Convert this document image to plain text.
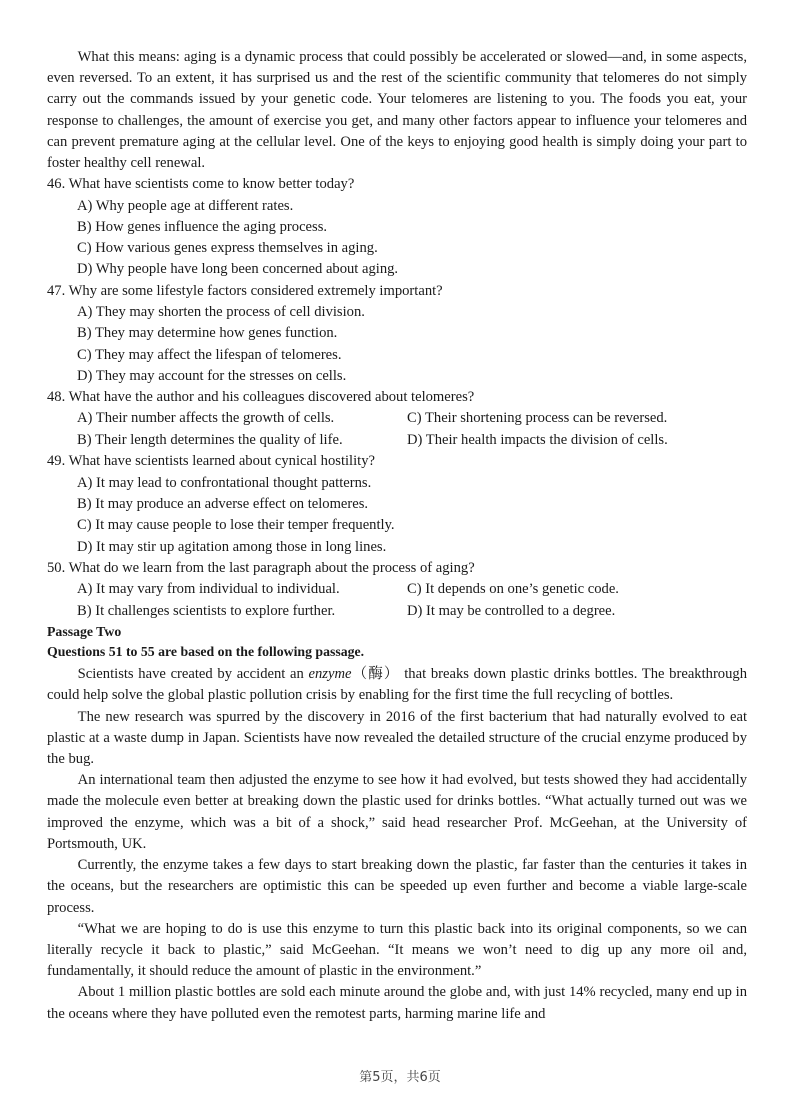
What this means: aging is a dynamic process that could possibly be accelerated or slowed—and, in some aspects, even reversed. To an extent, it has surprised us and the rest of the scientific community that telomeres do not simply carry out the commands issued by your genetic code. Your telomeres are listening to you. The foods you eat, your response to challenges, the amount of exercise you get, and many other factors appear to influence your telomeres and can prevent premature aging at the cellular level. One of the keys to enjoying good health is simply doing your part to foster healthy cell renewal.

46. What have scientists come to know better today?

A) Why people age at different rates.

B) How genes influence the aging process.

C) How various genes express themselves in aging.

D) Why people have long been concerned about aging.

47. Why are some lifestyle factors considered extremely important?

A) They may shorten the process of cell division.

B) They may determine how genes function.

C) They may affect the lifespan of telomeres.

D) They may account for the stresses on cells.

48. What have the author and his colleagues discovered about telomeres?

A) Their number affects the growth of cells.	C) Their shortening process can be reversed.
B) Their length determines the quality of life.	D) Their health impacts the division of cells.

49. What have scientists learned about cynical hostility?

A) It may lead to confrontational thought patterns.

B) It may produce an adverse effect on telomeres.

C) It may cause people to lose their temper frequently.

D) It may stir up agitation among those in long lines.

50. What do we learn from the last paragraph about the process of aging?

A) It may vary from individual to individual.	C) It depends on one’s genetic code.
B) It challenges scientists to explore further.	D) It may be controlled to a degree.

Passage Two

Questions 51 to 55 are based on the following passage.

Scientists have created by accident an enzyme（酶） that breaks down plastic drinks bottles. The breakthrough could help solve the global plastic pollution crisis by enabling for the first time the full recycling of bottles.

The new research was spurred by the discovery in 2016 of the first bacterium that had naturally evolved to eat plastic at a waste dump in Japan. Scientists have now revealed the detailed structure of the crucial enzyme produced by the bug.

An international team then adjusted the enzyme to see how it had evolved, but tests showed they had accidentally made the molecule even better at breaking down the plastic used for drinks bottles. “What actually turned out was we improved the enzyme, which was a bit of a shock,” said head researcher Prof. McGeehan, at the University of Portsmouth, UK.

Currently, the enzyme takes a few days to start breaking down the plastic, far faster than the centuries it takes in the oceans, but the researchers are optimistic this can be speeded up even further and become a viable large-scale process.

“What we are hoping to do is use this enzyme to turn this plastic back into its original components, so we can literally recycle it back to plastic,” said McGeehan. “It means we won’t need to dig up any more oil and, fundamentally, it should reduce the amount of plastic in the environment.”

About 1 million plastic bottles are sold each minute around the globe and, with just 14% recycled, many end up in the oceans where they have polluted even the remotest parts, harming marine life and

第5页，共6页
